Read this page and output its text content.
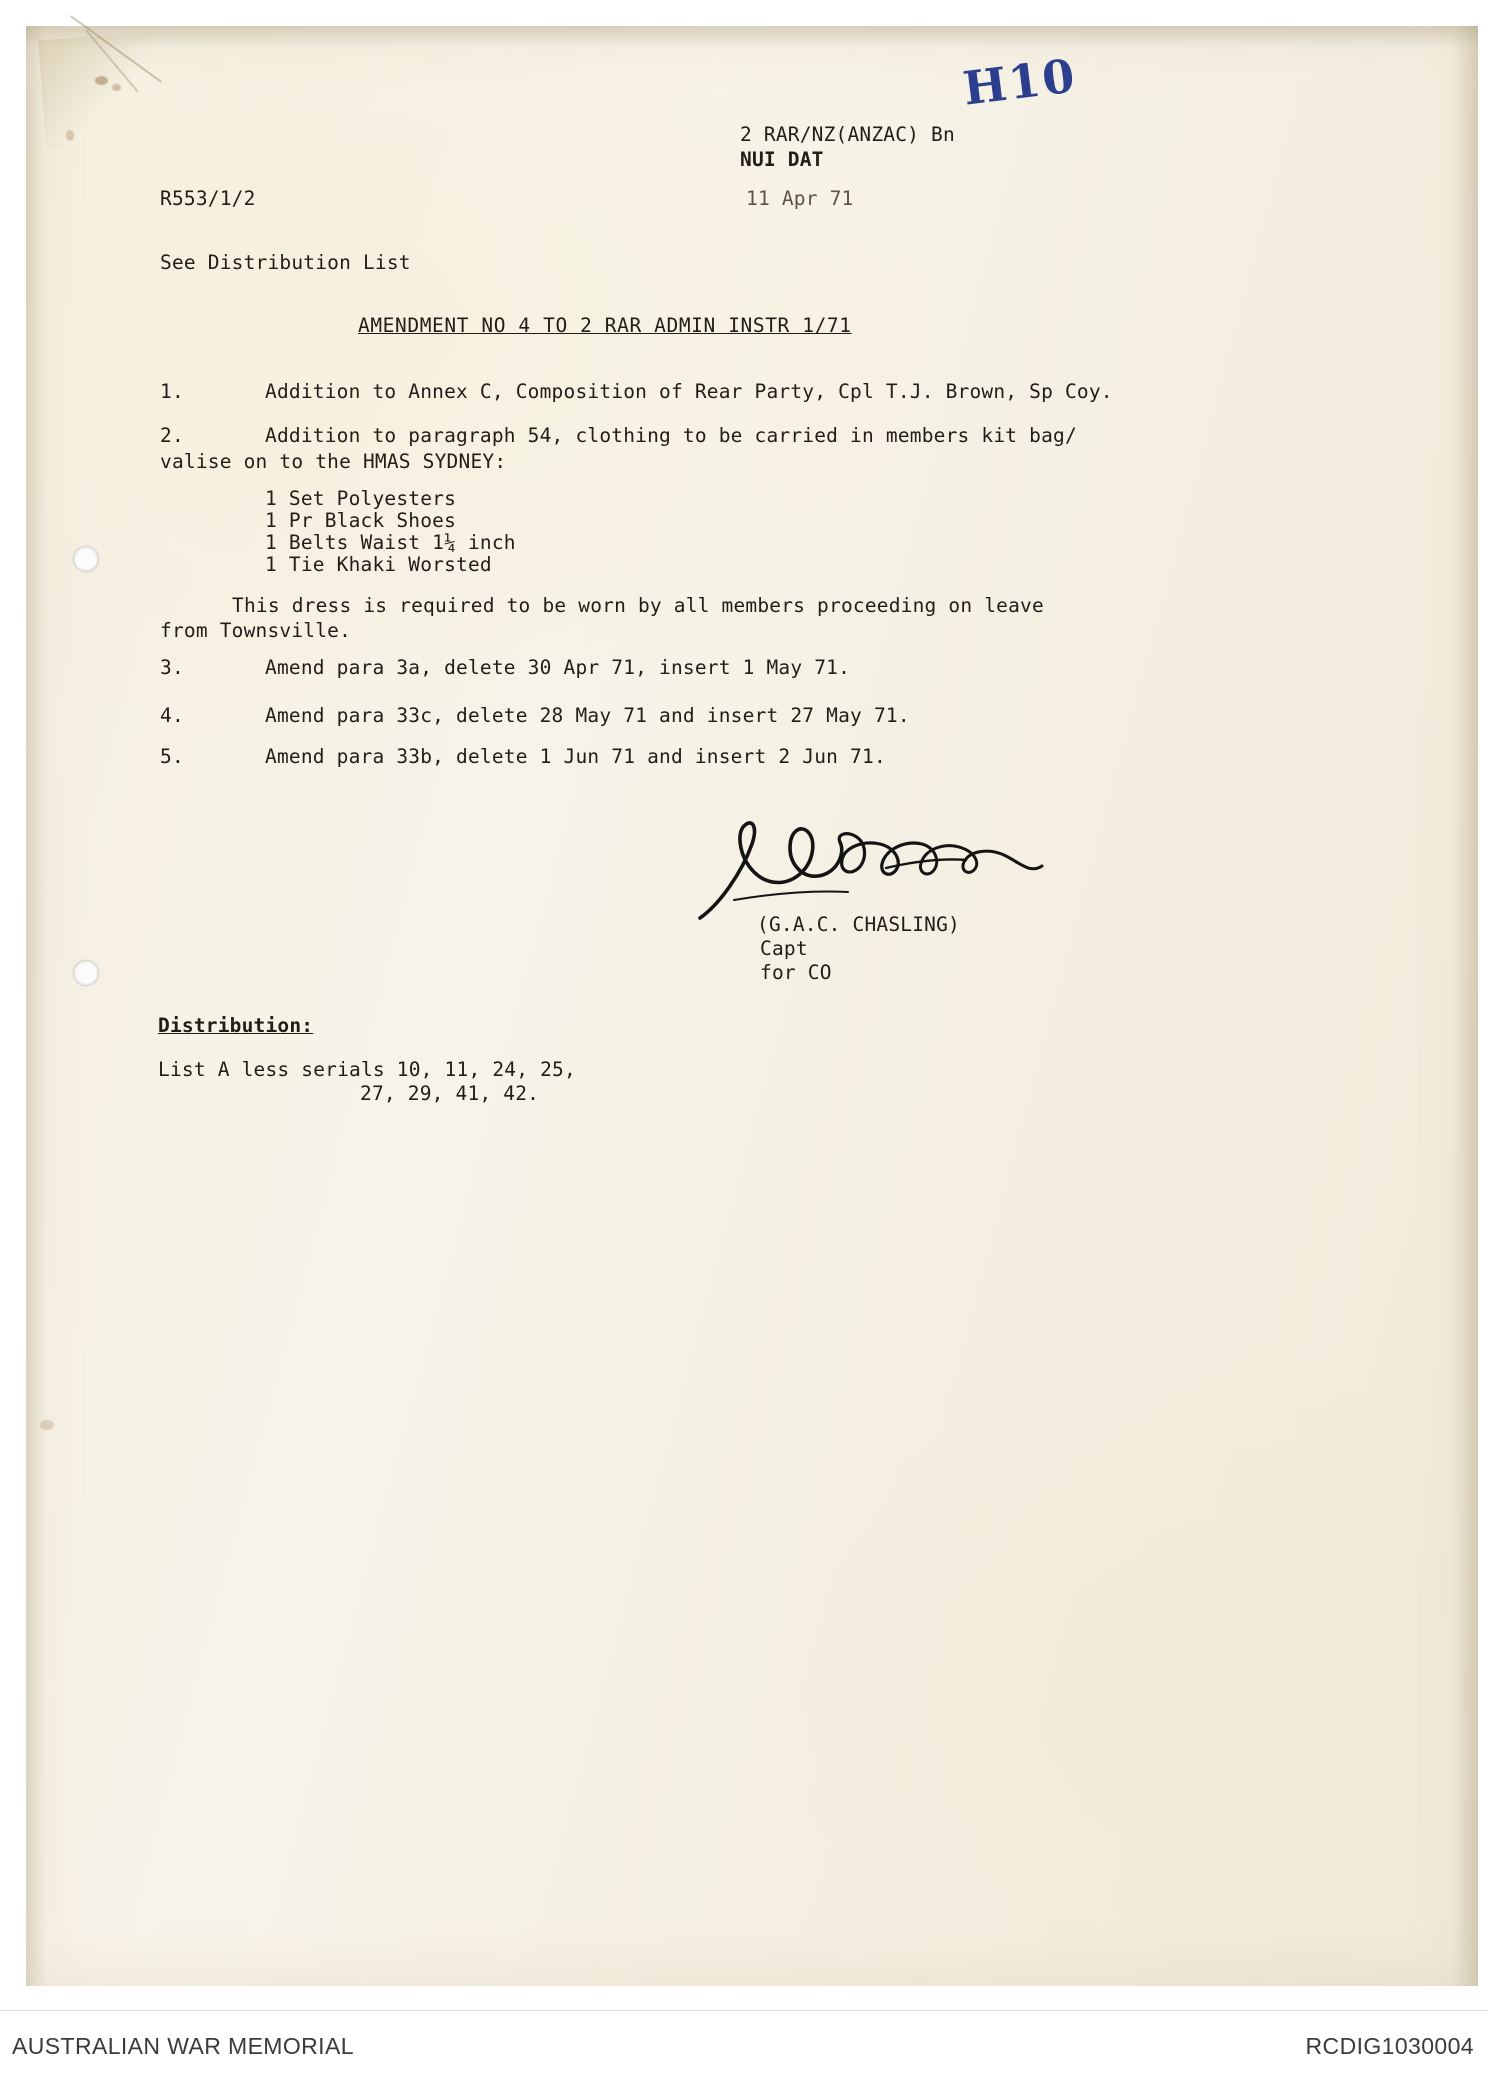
H10
2 RAR/NZ(ANZAC) Bn
NUI DAT
R553/1/2	11 Apr 71
See Distribution List
AMENDMENT NO 4 TO 2 RAR ADMIN INSTR 1/71
1.	Addition to Annex C, Composition of Rear Party, Cpl T.J. Brown, Sp Coy.
2.	Addition to paragraph 54, clothing to be carried in members kit bag/
valise on to the HMAS SYDNEY:
1 Set Polyesters
1 Pr Black Shoes
1 Belts Waist 1¼ inch
1 Tie Khaki Worsted
This dress is required to be worn by all members proceeding on leave
from Townsville.
3.	Amend para 3a, delete 30 Apr 71, insert 1 May 71.
4.	Amend para 33c, delete 28 May 71 and insert 27 May 71.
5.	Amend para 33b, delete 1 Jun 71 and insert 2 Jun 71.
(G.A.C. CHASLING)
Capt
for CO
Distribution:
List A less serials 10, 11, 24, 25,
27, 29, 41, 42.
AUSTRALIAN WAR MEMORIAL	RCDIG1030004
